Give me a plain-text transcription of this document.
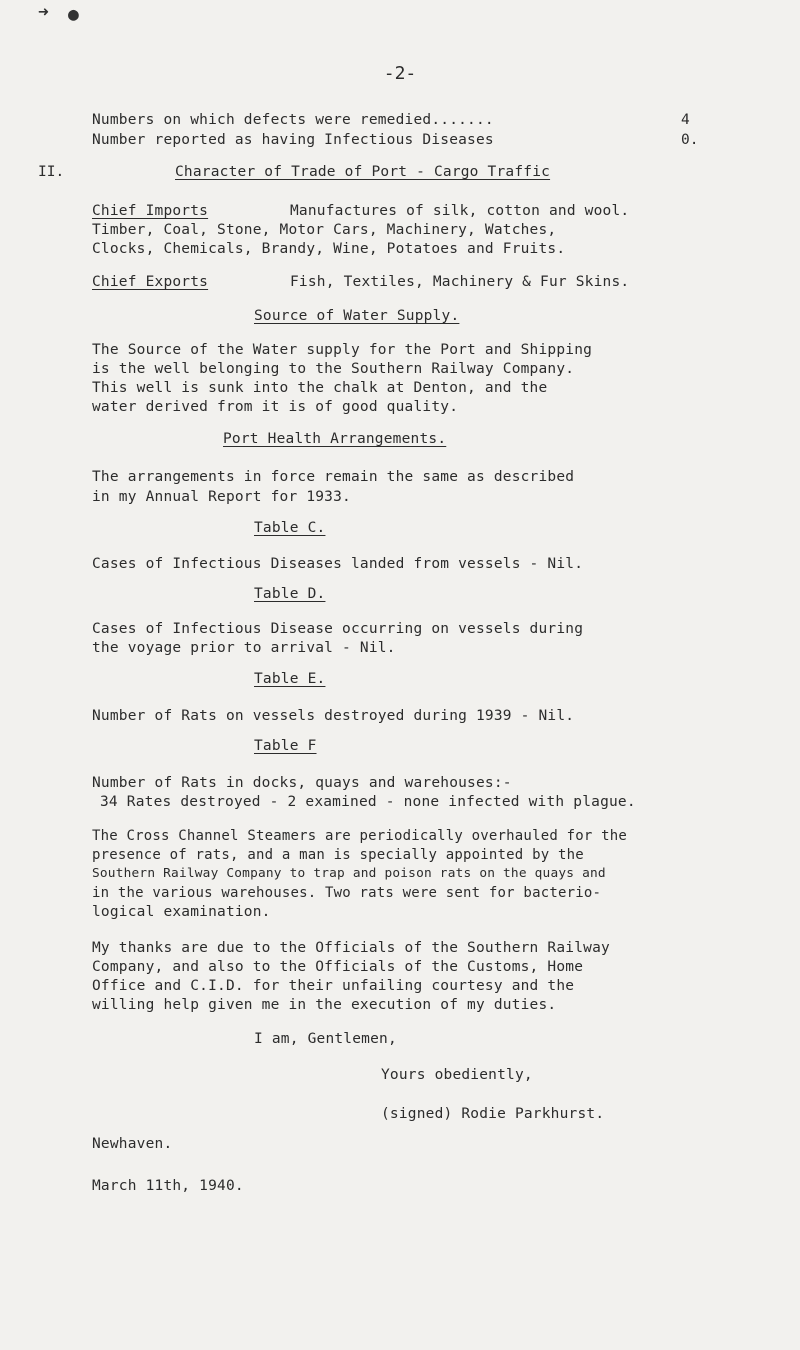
➜ ●
-2-
Numbers on which defects were remedied.......	4
Number reported as having Infectious Diseases	0.
II.	Character of Trade of Port - Cargo Traffic
Chief Imports	Manufactures of silk, cotton and wool.
Timber, Coal, Stone, Motor Cars, Machinery, Watches,
Clocks, Chemicals, Brandy, Wine, Potatoes and Fruits.
Chief Exports	Fish, Textiles, Machinery & Fur Skins.
Source of Water Supply.
The Source of the Water supply for the Port and Shipping
is the well belonging to the Southern Railway Company.
This well is sunk into the chalk at Denton, and the
water derived from it is of good quality.
Port Health Arrangements.
The arrangements in force remain the same as described
in my Annual Report for 1933.
Table C.
Cases of Infectious Diseases landed from vessels - Nil.
Table D.
Cases of Infectious Disease occurring on vessels during
the voyage prior to arrival - Nil.
Table E.
Number of Rats on vessels destroyed during 1939 - Nil.
Table F
Number of Rats in docks, quays and warehouses:-
34 Rates destroyed - 2 examined - none infected with plague.
The Cross Channel Steamers are periodically overhauled for the
presence of rats, and a man is specially appointed by the
Southern Railway Company to trap and poison rats on the quays and
in the various warehouses. Two rats were sent for bacterio-
logical examination.
My thanks are due to the Officials of the Southern Railway
Company, and also to the Officials of the Customs, Home
Office and C.I.D. for their unfailing courtesy and the
willing help given me in the execution of my duties.
I am, Gentlemen,
Yours obediently,
(signed) Rodie Parkhurst.
Newhaven.
March 11th, 1940.
